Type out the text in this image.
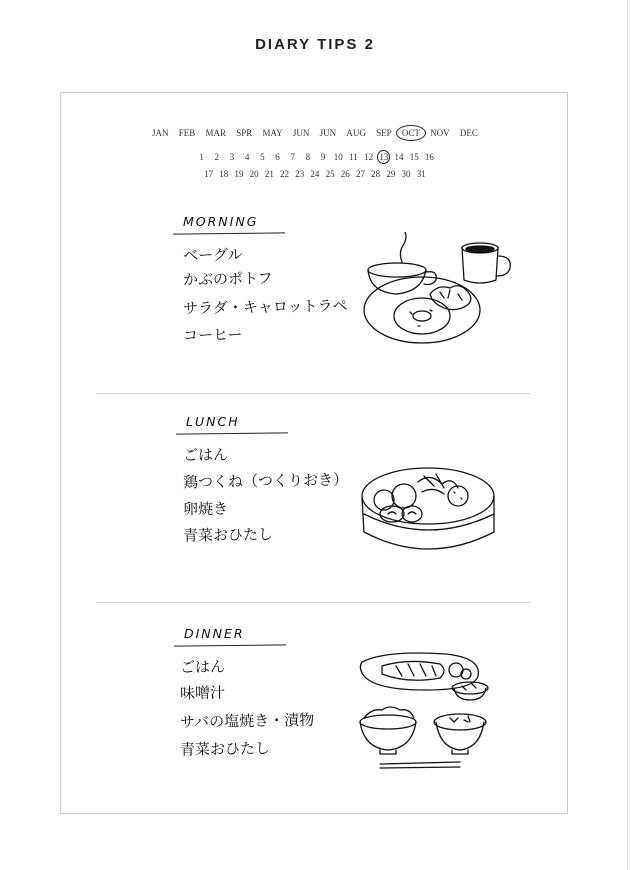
DIARY TIPS 2
JAN FEB MAR SPR MAY JUN JUN AUG SEP OCT NOV DEC
1	2	3	4	5	6	7	8	9 10 11 12 13 14 15 16
17 18 19 20 21 22 23 24 25 26 27 28 29 30 31
MORNING
ベーグル
かぶのポトフ
サラダ・キャロットラペ
コーヒー
LUNCH
ごはん
鶏つくね（つくりおき）
卵焼き
青菜おひたし
DINNER
ごはん
味噌汁
サバの塩焼き・漬物
青菜おひたし
